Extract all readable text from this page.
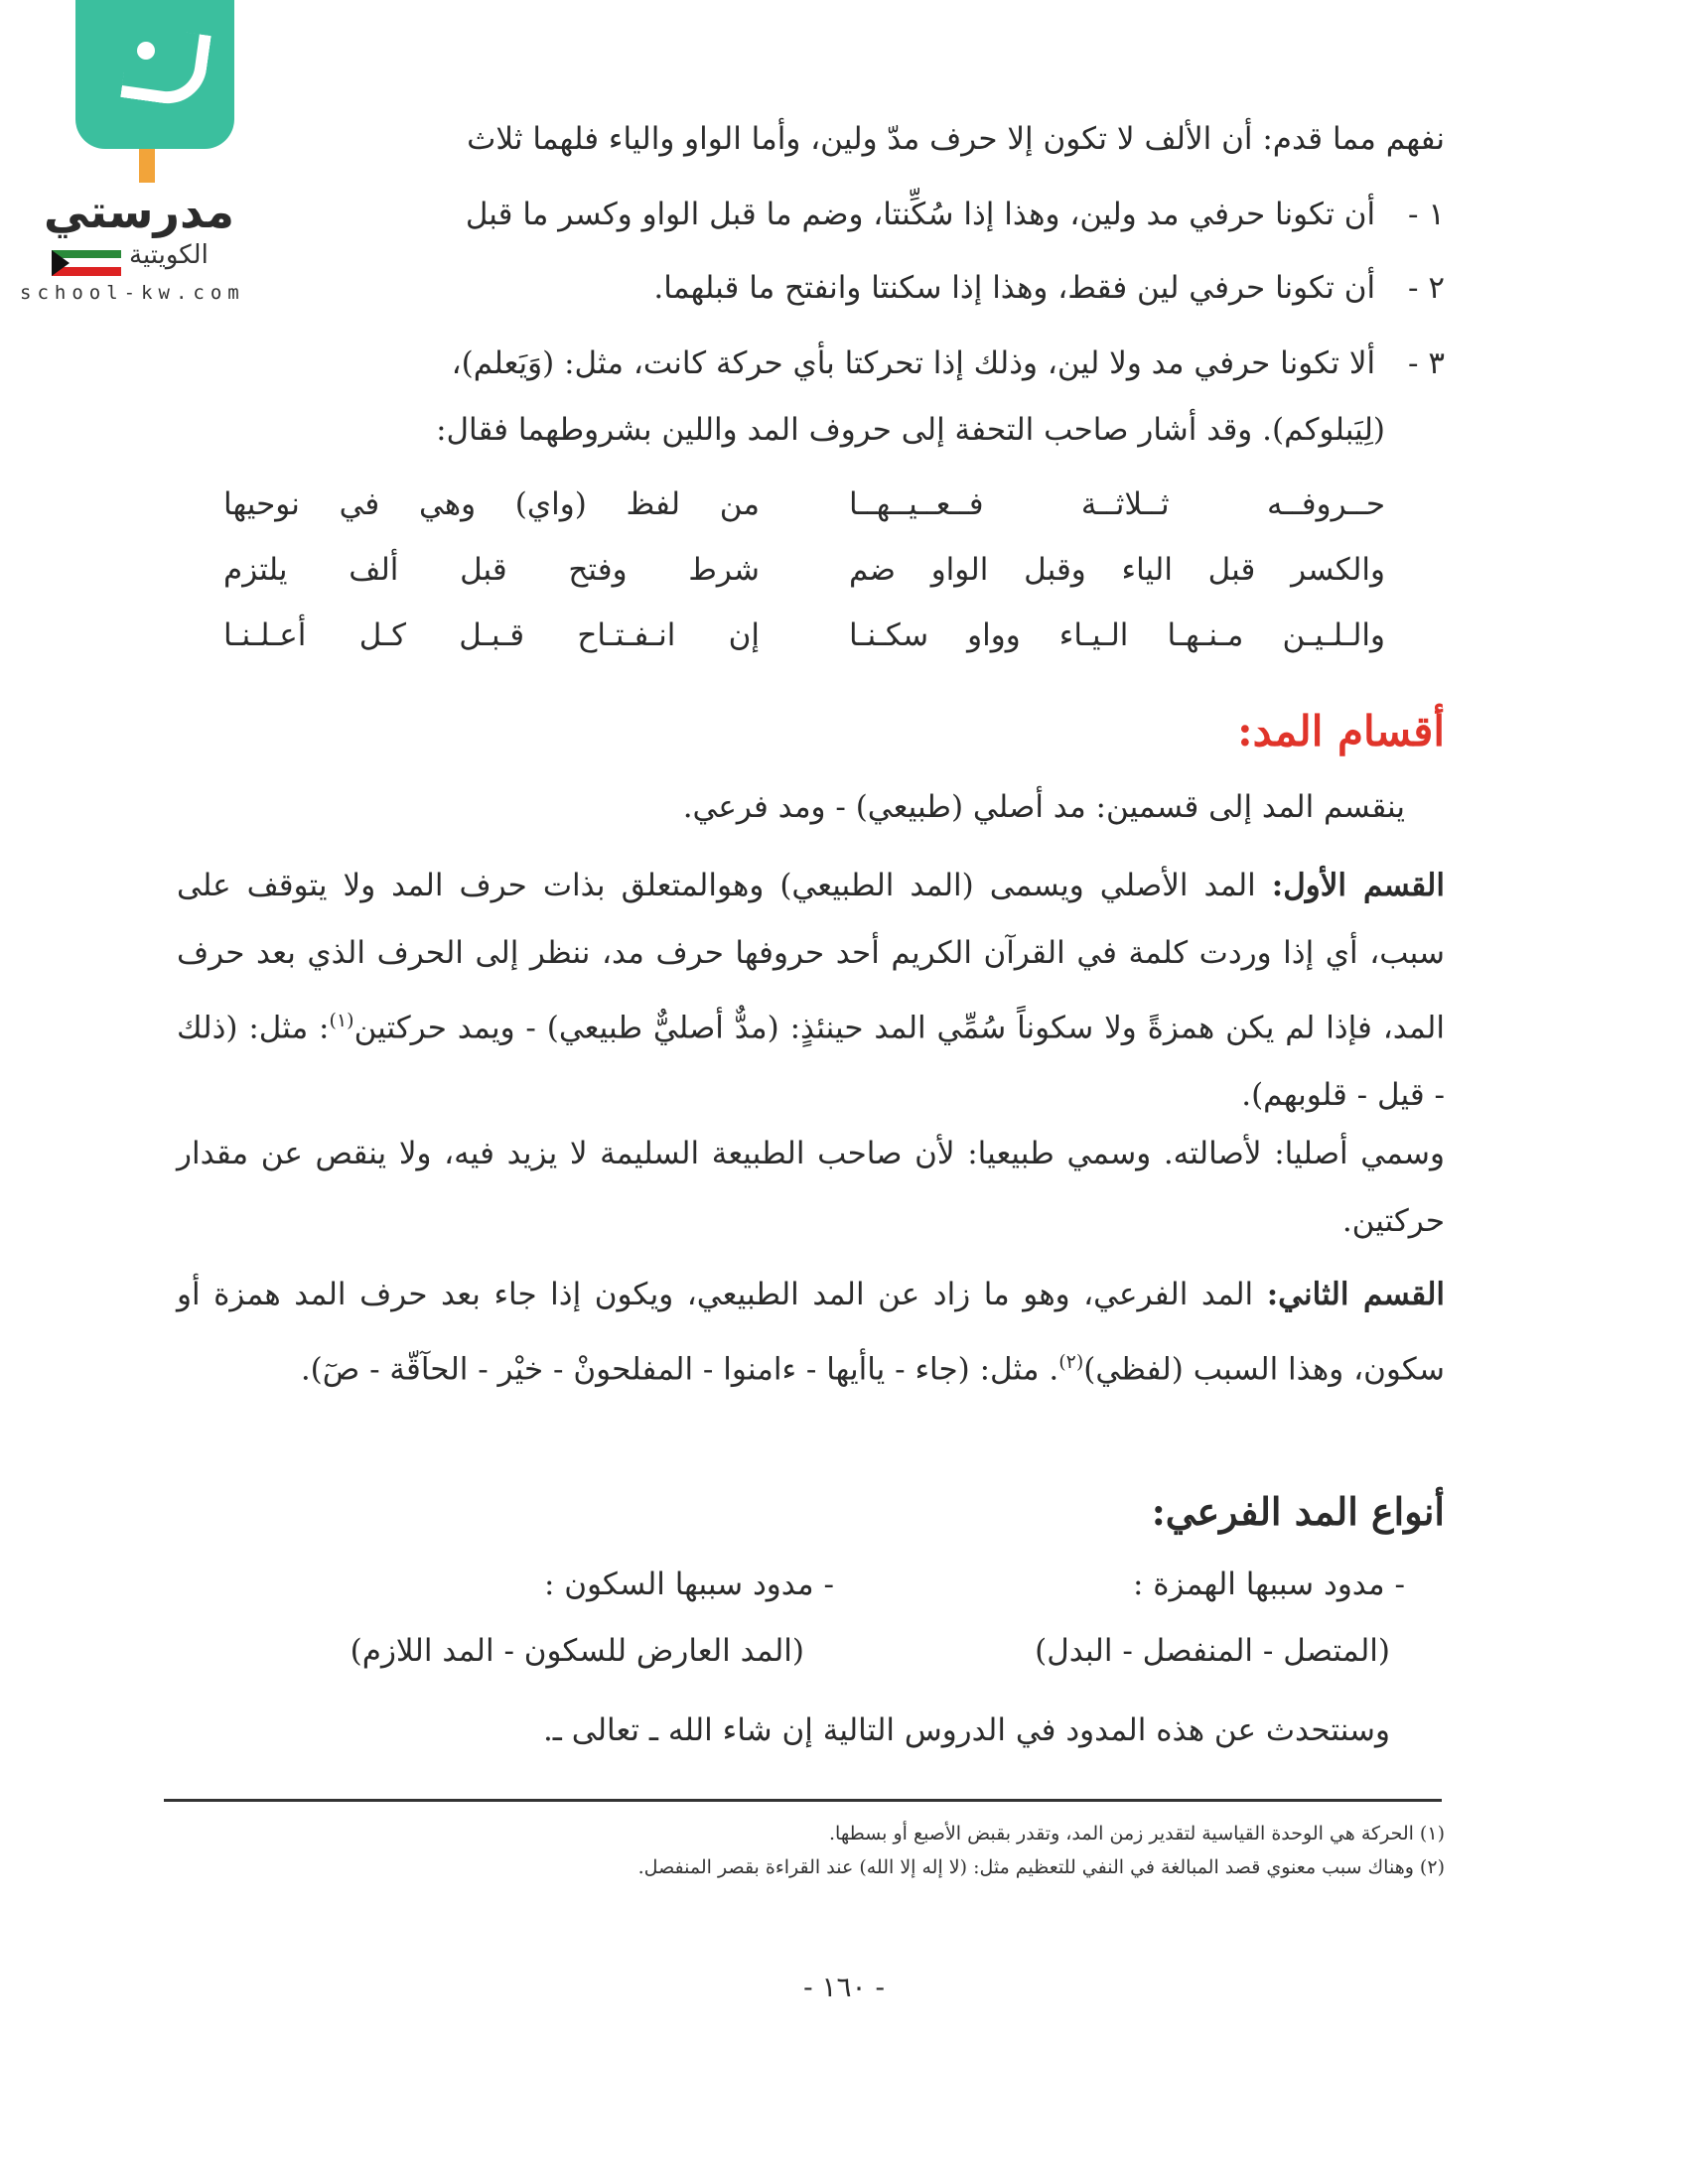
مدرستي
الكويتية
school-kw.com
نفهم مما قدم: أن الألف لا تكون إلا حرف مدّ ولين، وأما الواو والياء فلهما ثلاث
١ - أن تكونا حرفي مد ولين، وهذا إذا سُكِّنتا، وضم ما قبل الواو وكسر ما قبل
٢ - أن تكونا حرفي لين فقط، وهذا إذا سكنتا وانفتح ما قبلهما.
٣ - ألا تكونا حرفي مد ولا لين، وذلك إذا تحركتا بأي حركة كانت، مثل: (وَيَعلم)،
(لِيَبلوكم). وقد أشار صاحب التحفة إلى حروف المد واللين بشروطهما فقال:
حــروفــه ثــلاثــة فــعــيــهــا
من لفظ (واي) وهي في نوحيها
والكسر قبل الياء وقبل الواو ضم
شرط وفتح قبل ألف يلتزم
والـلـيـن مـنـهـا الـيـاء وواو سكـنـا
إن انـفـتـاح قـبـل كـل أعـلـنـا
أقسام المد:
ينقسم المد إلى قسمين: مد أصلي (طبيعي) - ومد فرعي.
القسم الأول: المد الأصلي ويسمى (المد الطبيعي) وهوالمتعلق بذات حرف المد ولا يتوقف على سبب، أي إذا وردت كلمة في القرآن الكريم أحد حروفها حرف مد، ننظر إلى الحرف الذي بعد حرف المد، فإذا لم يكن همزةً ولا سكوناً سُمِّي المد حينئذٍ: (مدٌّ أصليٌّ طبيعي) - ويمد حركتين$^{(١)}$: مثل: (ذلك - قيل - قلوبهم).
وسمي أصليا: لأصالته. وسمي طبيعيا: لأن صاحب الطبيعة السليمة لا يزيد فيه، ولا ينقص عن مقدار حركتين.
القسم الثاني: المد الفرعي، وهو ما زاد عن المد الطبيعي، ويكون إذا جاء بعد حرف المد همزة أو سكون، وهذا السبب (لفظي)$^{(٢)}$. مثل: (جاء - ياأيها - ءامنوا - المفلحونْ - خيْر - الحآقّة - صٓ).
أنواع المد الفرعي:
- مدود سببها الهمزة :
- مدود سببها السكون :
(المتصل - المنفصل - البدل)
(المد العارض للسكون - المد اللازم)
وسنتحدث عن هذه المدود في الدروس التالية إن شاء الله ـ تعالى ـ.
(١) الحركة هي الوحدة القياسية لتقدير زمن المد، وتقدر بقبض الأصبع أو بسطها.
(٢) وهناك سبب معنوي قصد المبالغة في النفي للتعظيم مثل: (لا إله إلا الله) عند القراءة بقصر المنفصل.
- ١٦٠ -
